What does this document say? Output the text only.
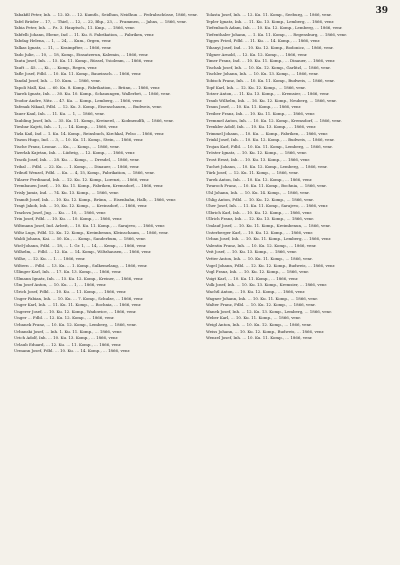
39
Tabakfil Peter, Inh. … 12. Kt. … 12. Kumtb., Seidhun, Neidhun … Fedrabschüsse, 1866, venr.
Tafel Brüder … 17, … Thiel, … 12, … 22, Bhp., 23, … Frammen, … Jahns, … 1866, venr.
Tabia Peter, Inh. … Pz. 3. Hauptsch., 11. Kmp., … 1866, venr.
Tabfelli Johann, Ebene, Ind … 11. Ku. 8. Fabrikation, … Fabriken, venr.
Tabdag Helena, … 1, … 24, … Kum., Orgen, venr.
Talkas Ignatz, … 11, … Kraimpfter, … 1866, venr.
Tado Julie, … 10, … 18, Komp., Einsatzerun, Kalemin, … 1866, venr.
Tauta Josef, Inh. … 15. Ku. 11. Komp., Rüssel, Ysiolenm, … 1866, venr.
Tauft … 45. …, Ki., … Komp., Regen, venr.
Tafle Josef, Fdbl. … 10. Ku. 11. Komp., Baueinsch. … 1866, venr.
Tandal Josef, Inh. … 10. Kum. … 1866, venr.
Tapoli Mall, Kai. … 60. Ku. 8. Komp., Fabrikation, … Brünn, … 1866, venr.
Tiarek Ignatz, Inh. … 30. Ku. 10. Komp., Schauungen, Wallerbet, … 1866, venr.
Teodor Andre, Nitz. … 47. Ku. … Komp., Lemberg, … 1866, venr.
Tafenak Nikaal, Fdbl. … 12. Ku. 3. Komp., Eisenschauen, … Budweis, venr.
Tauer Kaul, Inh. … 11. Ku. … 1, … 1866, venr.
Taubling Josef, Inh. … 35. Ku. 11. Komp., Kreinerd, … Kodmendfli, … 1866, venr.
Tiesbar Kajeti, Inh. … 1, … 14. Komp., … 1866, venr.
Tizla Kail, Ind … 1. Ku. 14. Komp., Reinsbuch, Kirchkal, Felso … 1866, venr.
Tiszon Hugo, Ind. … 3, … 10. Ku. 11. Komp., Stein, … 1866, venr.
Tische Franz, Leonar. … Ku., … Komp., … 1866, venr.
Tizerlak Kajetan, Inh. … Lüdwig, … 12. Komp., … 1866, venr.
Tracik Josef, Inh. … 28. Ku. … Komp., … Dresdel, … 1866, venr.
Tribal … Fdbl. … 22. Ku. … 1. Komp., … Dinauer, … 1866, venr.
Tributl Wenzel, Fdbl. … Ku. … 4, 15, Komp., Fabrikation, … 1866, venr.
Tülarer Ferdinand, Inh. … 12. Ku. 12. Komp., Lorenzi, … 1866, venr.
Trembauen Josef, … 10. Ku. 11. Komp., Fabriken, Kremsdorf, … 1866, venr.
Trisly Jamiz, Ind. … 74. Ku. 13. Komp., … 1866, venr.
Tramdt Josef, Inh. … 10. Ku. 12. Komp., Brünn, … Eisenbahn, Halb, … 1866, venr.
Tragt Jakob, Inh. … 10, Ku. 12. Komp., … Kreinsdorf, … 1866, venr.
Trazlova Josef, Jug. … Ku. … 10, … 1866, venr.
Trin Josef, Fdbl. … 10. Ku. … 10. Komp., … 1866, venr.
Wiltmann Josef, Ind. Arbeit, … 10. Ku. 11. Komp., … Sarajevo, … 1866, venr.
Wiltz Lugs, Fdbl. 12. Ku. 12. Komp., Kreimbenun, Kleinschaum, … 1866, venr.
Waldi Johann, Kai. … 50. Ku., … Komp., Sanderbum, … 1866, venr.
Wiel-Johann, Fdbl. … 18, … 1. Gr. 1, … 14, … Kemp., … 1866, venr.
Wilhelm, … Fdbl. … 12. Ku. … 14. Komp., Wiltzhausen, … 1866, venr.
Wilhe, … 12. Ku. … 1. … 1866, venr.
Wiltern … Fdbl. … 13. Ku. … 1. Komp., Sulkemelang, … 1866, venr.
Ullinger Karl, Inh. … 17. Ku. 13. Komp., … 1866, venr.
Ullmann Ignatz, Inh. … 15. Ku. 12. Komp., Kreiner, … 1866, venr.
Ulm Josef Anton, … 10. Ku. … 1, … 1866, venr.
Ulrich Josef, Fdbl. … 10. Ku. … 11. Komp., … 1866, venr.
Unger Fabian, Inh. … 10. Ku. … 7. Komp., Schulze, … 1866, venr.
Unger Karl, Inh. … 11. Ku. 11. Komp., … Bochnia, … 1866, venr.
Ungerer Josef, … 10. Ku. 12. Komp., Wadowice, … 1866, venr.
Unger … Fdbl. … 12. Ku. 12. Komp., … 1866, venr.
Urbanek Franz, … 10. Ku. 12. Komp., Lemberg, … 1866, venr.
Urbanski Josef, … Inh. 1. Ku. 11. Komp., … 1866, venr.
Urich Adolf, Inh. … 10. Ku. 13. Komp., … 1866, venr.
Urlaub Eduard, … 12. Ku. … 11. Komp., … 1866, venr.
Urmann Josef, Fdbl. … 10. Ku. … 14. Komp., … 1866, venr.
Tolasta Josef, Inh. … 12. Ku. 11. Komp., Seeburg, … 1866, venr.
Tepler Ignatz, Inh. … 11. Ku. 13. Komp., Lemberg, … 1866, venr.
Tiefenbach Adam, Inh. … 10. Ku. 12. Komp., Lemberg, … 1866, venr.
Tiefenthaler Johann, … 1. Ku. 11. Komp., … Regensburg, … 1866, venr.
Tigges Fried, Fdbl. … 11. Ku. … 14. Komp., … 1866, venr.
Tihanyi Josef, Ind. … 10. Ku. 12. Komp., Bodonicz, … 1866, venr.
Tilgner Arnold, … 12. Ku. 12. Komp., … 1866, venr.
Timer Franz, Ind. … 10. Ku. 11. Komp., … Dinauer, … 1866, venr.
Tischak Josef, Inh. … 10. Ku. 12. Komp., Garlitzl, … 1866, venr.
Tischler Johann, Inh. … 10. Ku. 13. Komp., … 1866, venr.
Tobisch Franz, Inh. … 10. Ku. 11. Komp., Budweis, … 1866, venr.
Topf Karl, Inh. … 12. Ku. 12. Komp., … 1866, venr.
Totzer Anton, … 11. Ku. 13. Komp., … Kremsier, … 1866, venr.
Traub Wilhelm, Inh. … 16. Ku. 12. Komp., Neuberg, … 1866, venr.
Traun Josef, … 10. Ku. 11. Komp., … 1866, venr.
Treiber Franz, Inh. … 10. Ku. 11. Komp., … 1866, venr.
Tremmel Anton, Inh. … 10. Ku. 12. Komp., Kremsdorf, … 1866, venr.
Trenkler Adolf, Inh. … 10. Ku. 13. Komp., … 1866, venr.
Trimmel Johann, … 10. Ku. … Komp., Fabriken, … 1866, venr.
Trinkl Josef, Inh. … 10. Ku. 12. Komp., … Budweis, … 1866, venr.
Trojan Karl, Fdbl. … 10. Ku. 11. Komp., Lemberg, … 1866, venr.
Tröster Ignatz, … 10. Ku. 12. Komp., … 1866, venr.
Trost Ernst, Inh. … 10. Ku. 13. Komp., … 1866, venr.
Tuchet Johann, … 10. Ku. 12. Komp., Lemberg, … 1866, venr.
Türk Josef, … 12. Ku. 11. Komp., … 1866, venr.
Turek Anton, Inh. … 10. Ku. 12. Komp., … 1866, venr.
Twaroch Franz, … 10. Ku. 11. Komp., Bochnia, … 1866, venr.
Uhl Johann, Inh. … 10. Ku. 14. Komp., … 1866, venr.
Uhlig Anton, Fdbl. … 10. Ku. 12. Komp., … 1866, venr.
Uher Josef, Inh. … 11. Ku. 11. Komp., Sarajevo, … 1866, venr.
Ulbrich Karl, Inh. … 10. Ku. 12. Komp., … 1866, venr.
Ullrich Franz, Inh. … 12. Ku. 13. Komp., … 1866, venr.
Umlauf Josef, … 10. Ku. 11. Komp., Kreimbenun, … 1866, venr.
Unterberger Karl, … 10. Ku. 12. Komp., … 1866, venr.
Urban Josef, Inh. … 10. Ku. 11. Komp., Lemberg, … 1866, venr.
Valentin Franz, Inh. … 10. Ku. 12. Komp., … 1866, venr.
Veit Josef, … 10. Ku. 13. Komp., … 1866, venr.
Vetter Anton, Inh. … 10. Ku. 11. Komp., … 1866, venr.
Vogel Johann, Fdbl. … 12. Ku. 12. Komp., Budweis, … 1866, venr.
Vogl Franz, Inh. … 10. Ku. 12. Komp., … 1866, venr.
Voigt Karl, … 10. Ku. 11. Komp., … 1866, venr.
Volk Josef, Inh. … 10. Ku. 13. Komp., Kremsier, … 1866, venr.
Wachtl Anton, … 10. Ku. 12. Komp., … 1866, venr.
Wagner Johann, Inh. … 10. Ku. 11. Komp., … 1866, venr.
Walter Franz, Fdbl. … 10. Ku. 12. Komp., … 1866, venr.
Wanek Josef, Inh. … 12. Ku. 13. Komp., Lemberg, … 1866, venr.
Weber Karl, … 10. Ku. 11. Komp., … 1866, venr.
Weigl Anton, Inh. … 10. Ku. 12. Komp., … 1866, venr.
Weiss Johann, … 10. Ku. 12. Komp., Budweis, … 1866, venr.
Wenzel Josef, Inh. … 10. Ku. 11. Komp., … 1866, venr.
